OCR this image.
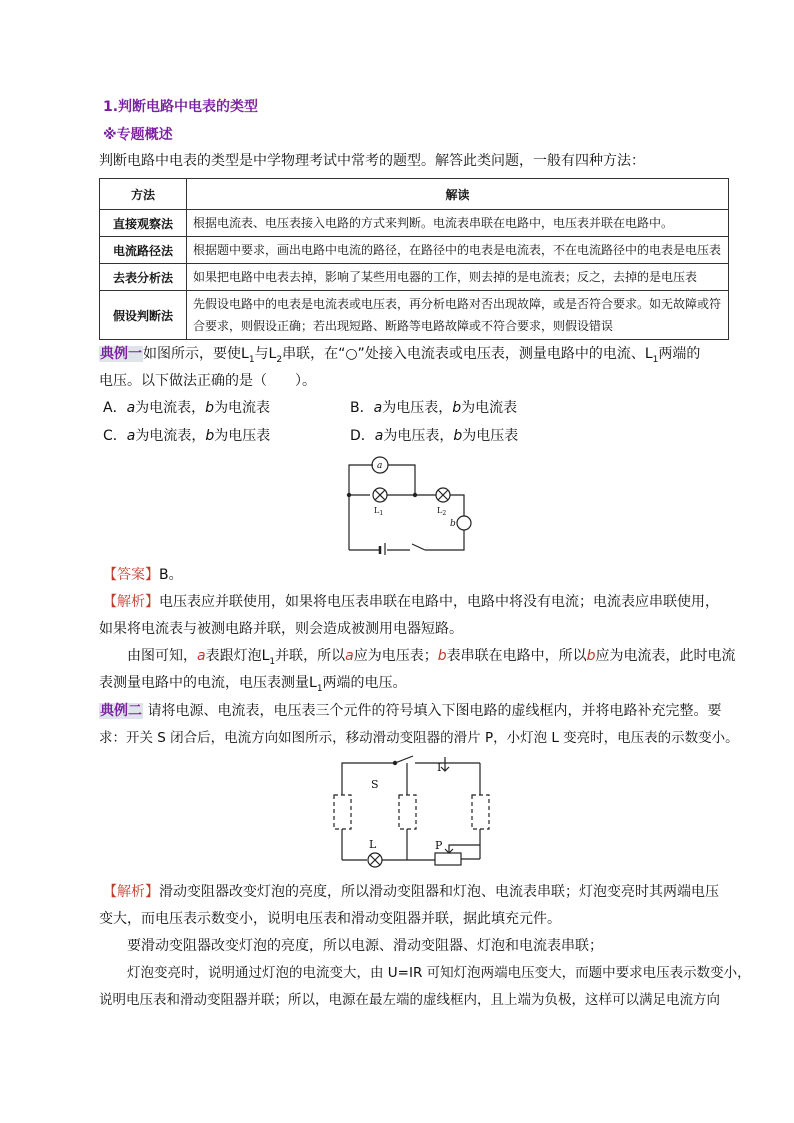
1.判断电路中电表的类型
※专题概述
判断电路中电表的类型是中学物理考试中常考的题型。解答此类问题，一般有四种方法：
方法	解读
直接观察法	根据电流表、电压表接入电路的方式来判断。电流表串联在电路中，电压表并联在电路中。
电流路径法	根据题中要求，画出电路中电流的路径，在路径中的电表是电流表，不在电流路径中的电表是电压表
去表分析法	如果把电路中电表去掉，影响了某些用电器的工作，则去掉的是电流表；反之，去掉的是电压表
假设判断法	先假设电路中的电表是电流表或电压表，再分析电路对否出现故障，或是否符合要求。如无故障或符合要求，则假设正确；若出现短路、断路等电路故障或不符合要求，则假设错误
典例一如图所示，要使$L_1$与$L_2$串联，在“○”处接入电流表或电压表，测量电路中的电流、$L_1$两端的
电压。以下做法正确的是（　　）。
A．a为电流表，b为电流表	B．a为电压表，b为电流表
C．a为电流表，b为电压表	D．a为电压表，b为电压表
a
b
$L_1$	$L_2$
【答案】B。
【解析】电压表应并联使用，如果将电压表串联在电路中，电路中将没有电流；电流表应串联使用，
如果将电流表与被测电路并联，则会造成被测用电器短路。
由图可知，a表跟灯泡$L_1$并联，所以a应为电压表；b表串联在电路中，所以b应为电流表，此时电流
表测量电路中的电流，电压表测量$L_1$两端的电压。
典例二 请将电源、电流表，电压表三个元件的符号填入下图电路的虚线框内，并将电路补充完整。要
求：开关 S 闭合后，电流方向如图所示，移动滑动变阻器的滑片 P，小灯泡 L 变亮时，电压表的示数变小。
I
S
L	P
【解析】滑动变阻器改变灯泡的亮度，所以滑动变阻器和灯泡、电流表串联；灯泡变亮时其两端电压
变大，而电压表示数变小，说明电压表和滑动变阻器并联，据此填充元件。
要滑动变阻器改变灯泡的亮度，所以电源、滑动变阻器、灯泡和电流表串联；
灯泡变亮时，说明通过灯泡的电流变大，由 U=IR 可知灯泡两端电压变大，而题中要求电压表示数变小，
说明电压表和滑动变阻器并联；所以，电源在最左端的虚线框内，且上端为负极，这样可以满足电流方向
